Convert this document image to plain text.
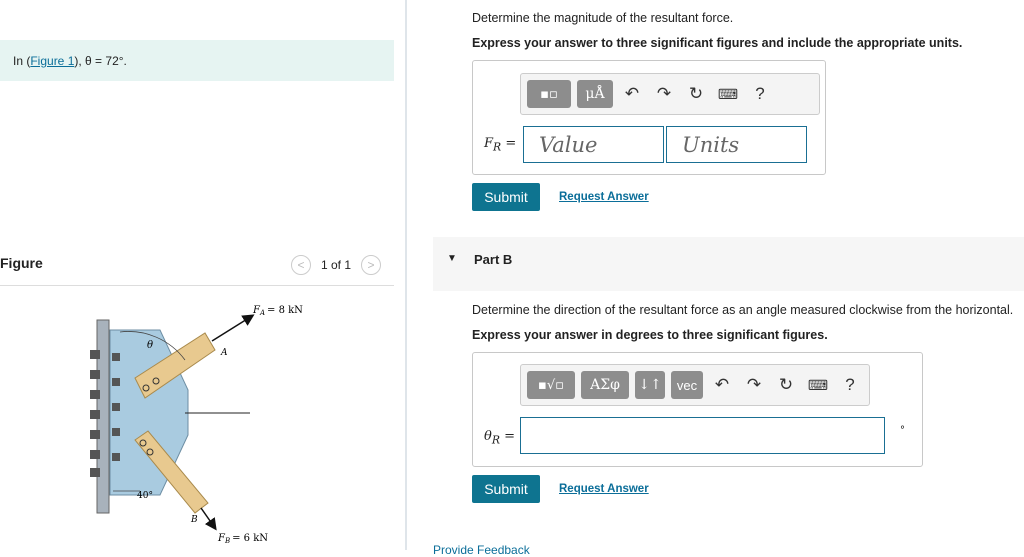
In ( Figure 1 ), θ = 72°.
Figure	< 1 of 1 >
$F_A = 8$ kN
$F_B = 6$ kN
θ
40°
A
B
Determine the magnitude of the resultant force.
Express your answer to three significant figures and include the appropriate units.
▪▫ μÅ	↶	↷	↻	⌨	?
$F_R$ = Value	Units
Submit	Request Answer
▼ Part B
Determine the direction of the resultant force as an angle measured clockwise from the horizontal.
Express your answer in degrees to three significant figures.
▪√▫ ΑΣφ ↓↑ vec	↶	↷	↻	⌨	?
$\theta_R$ =	°
Submit	Request Answer
Provide Feedback
